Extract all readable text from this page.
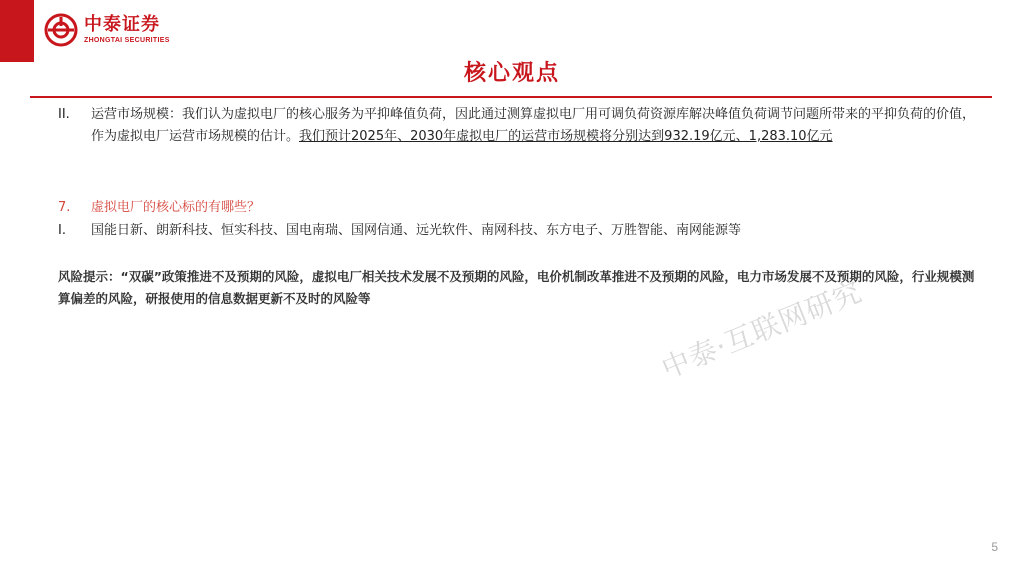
中泰证券
ZHONGTAI SECURITIES
核心观点
II.	运营市场规模：我们认为虚拟电厂的核心服务为平抑峰值负荷，因此通过测算虚拟电厂用可调负荷资源库解决峰值负荷调节问题所带来的平抑负荷的价值，作为虚拟电厂运营市场规模的估计。我们预计2025年、2030年虚拟电厂的运营市场规模将分别达到932.19亿元、1,283.10亿元
7.	虚拟电厂的核心标的有哪些？
I.	国能日新、朗新科技、恒实科技、国电南瑞、国网信通、远光软件、南网科技、东方电子、万胜智能、南网能源等
风险提示：“双碳”政策推进不及预期的风险，虚拟电厂相关技术发展不及预期的风险，电价机制改革推进不及预期的风险，电力市场发展不及预期的风险，行业规模测算偏差的风险，研报使用的信息数据更新不及时的风险等	中泰·互联网研究
5
